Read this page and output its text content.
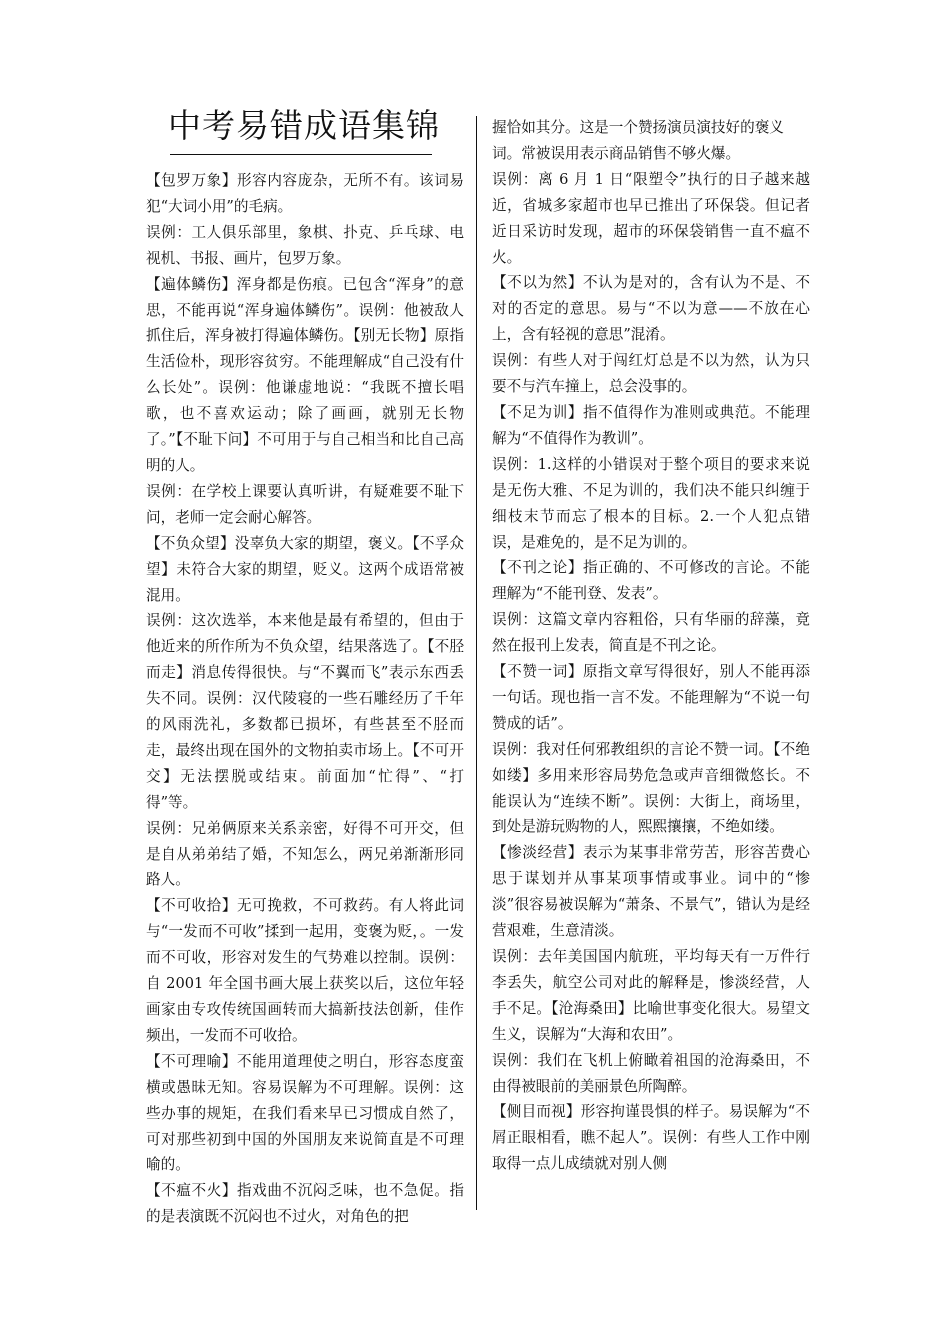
中考易错成语集锦

【包罗万象】形容内容庞杂，无所不有。该词易犯“大词小用”的毛病。

误例：工人俱乐部里，象棋、扑克、乒乓球、电视机、书报、画片，包罗万象。

【遍体鳞伤】浑身都是伤痕。已包含“浑身”的意思，不能再说“浑身遍体鳞伤”。误例：他被敌人抓住后，浑身被打得遍体鳞伤。【别无长物】原指生活俭朴，现形容贫穷。不能理解成“自己没有什么长处”。误例：他谦虚地说：“我既不擅长唱歌，也不喜欢运动；除了画画，就别无长物了。”【不耻下问】不可用于与自己相当和比自己高明的人。

误例：在学校上课要认真听讲，有疑难要不耻下问，老师一定会耐心解答。

【不负众望】没辜负大家的期望，褒义。【不孚众望】未符合大家的期望，贬义。这两个成语常被混用。

误例：这次选举，本来他是最有希望的，但由于他近来的所作所为不负众望，结果落选了。【不胫而走】消息传得很快。与“不翼而飞”表示东西丢失不同。误例：汉代陵寝的一些石雕经历了千年的风雨洗礼，多数都已损坏，有些甚至不胫而走，最终出现在国外的文物拍卖市场上。【不可开交】无法摆脱或结束。前面加“忙得”、“打得”等。

误例：兄弟俩原来关系亲密，好得不可开交，但是自从弟弟结了婚，不知怎么，两兄弟渐渐形同路人。

【不可收拾】无可挽救，不可救药。有人将此词与“一发而不可收”揉到一起用，变褒为贬，。一发而不可收，形容对发生的气势难以控制。误例：自 2001 年全国书画大展上获奖以后，这位年轻画家由专攻传统国画转而大搞新技法创新，佳作频出，一发而不可收拾。

【不可理喻】不能用道理使之明白，形容态度蛮横或愚昧无知。容易误解为不可理解。误例：这些办事的规矩，在我们看来早已习惯成自然了，可对那些初到中国的外国朋友来说简直是不可理喻的。

【不瘟不火】指戏曲不沉闷乏味，也不急促。指的是表演既不沉闷也不过火，对角色的把

握恰如其分。这是一个赞扬演员演技好的褒义

词。常被误用表示商品销售不够火爆。

误例：离 6 月 1 日“限塑令”执行的日子越来越近，省城多家超市也早已推出了环保袋。但记者近日采访时发现，超市的环保袋销售一直不瘟不火。

【不以为然】不认为是对的，含有认为不是、不对的否定的意思。易与“不以为意——不放在心上，含有轻视的意思”混淆。

误例：有些人对于闯红灯总是不以为然，认为只要不与汽车撞上，总会没事的。

【不足为训】指不值得作为准则或典范。不能理解为“不值得作为教训”。

误例：1.这样的小错误对于整个项目的要求来说是无伤大雅、不足为训的，我们决不能只纠缠于细枝末节而忘了根本的目标。2.一个人犯点错误，是难免的，是不足为训的。

【不刊之论】指正确的、不可修改的言论。不能理解为“不能刊登、发表”。

误例：这篇文章内容粗俗，只有华丽的辞藻，竟然在报刊上发表，简直是不刊之论。

【不赞一词】原指文章写得很好，别人不能再添一句话。现也指一言不发。不能理解为“不说一句赞成的话”。

误例：我对任何邪教组织的言论不赞一词。【不绝如缕】多用来形容局势危急或声音细微悠长。不能误认为“连续不断”。误例：大街上，商场里，到处是游玩购物的人，熙熙攘攘，不绝如缕。

【惨淡经营】表示为某事非常劳苦，形容苦费心思于谋划并从事某项事情或事业。词中的“惨淡”很容易被误解为“萧条、不景气”，错认为是经营艰难，生意清淡。

误例：去年美国国内航班，平均每天有一万件行李丢失，航空公司对此的解释是，惨淡经营，人手不足。【沧海桑田】比喻世事变化很大。易望文生义，误解为“大海和农田”。

误例：我们在飞机上俯瞰着祖国的沧海桑田，不由得被眼前的美丽景色所陶醉。

【侧目而视】形容拘谨畏惧的样子。易误解为“不屑正眼相看，瞧不起人”。误例：有些人工作中刚取得一点儿成绩就对别人侧
